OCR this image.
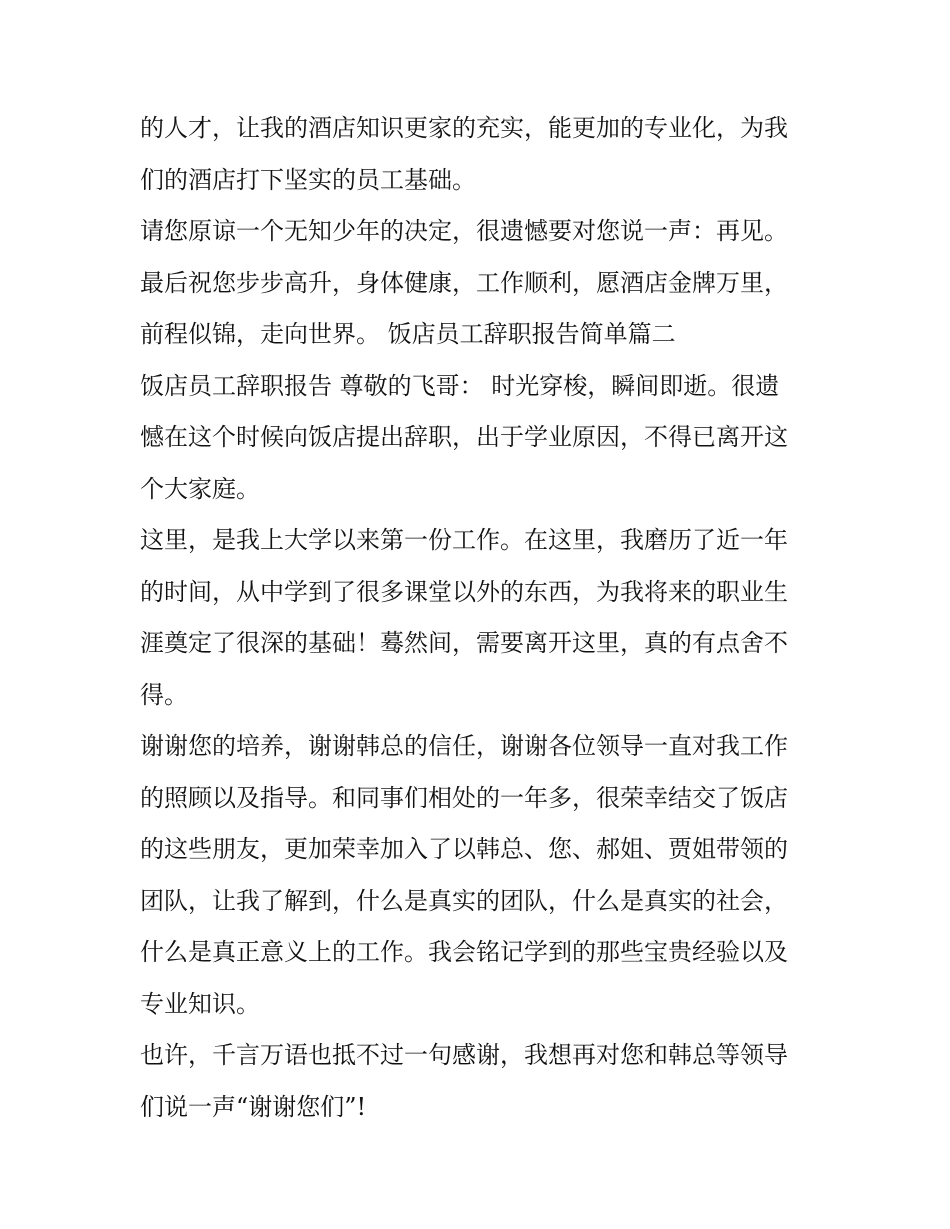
的人才，让我的酒店知识更家的充实，能更加的专业化，为我
们的酒店打下坚实的员工基础。
请您原谅一个无知少年的决定，很遗憾要对您说一声：再见。
最后祝您步步高升，身体健康，工作顺利，愿酒店金牌万里，
前程似锦，走向世界。 饭店员工辞职报告简单篇二
饭店员工辞职报告 尊敬的飞哥： 时光穿梭，瞬间即逝。很遗
憾在这个时候向饭店提出辞职，出于学业原因，不得已离开这
个大家庭。
这里，是我上大学以来第一份工作。在这里，我磨历了近一年
的时间，从中学到了很多课堂以外的东西，为我将来的职业生
涯奠定了很深的基础！蓦然间，需要离开这里，真的有点舍不
得。
谢谢您的培养，谢谢韩总的信任，谢谢各位领导一直对我工作
的照顾以及指导。和同事们相处的一年多，很荣幸结交了饭店
的这些朋友，更加荣幸加入了以韩总、您、郝姐、贾姐带领的
团队，让我了解到，什么是真实的团队，什么是真实的社会，
什么是真正意义上的工作。我会铭记学到的那些宝贵经验以及
专业知识。
也许，千言万语也抵不过一句感谢，我想再对您和韩总等领导
们说一声“谢谢您们”!
